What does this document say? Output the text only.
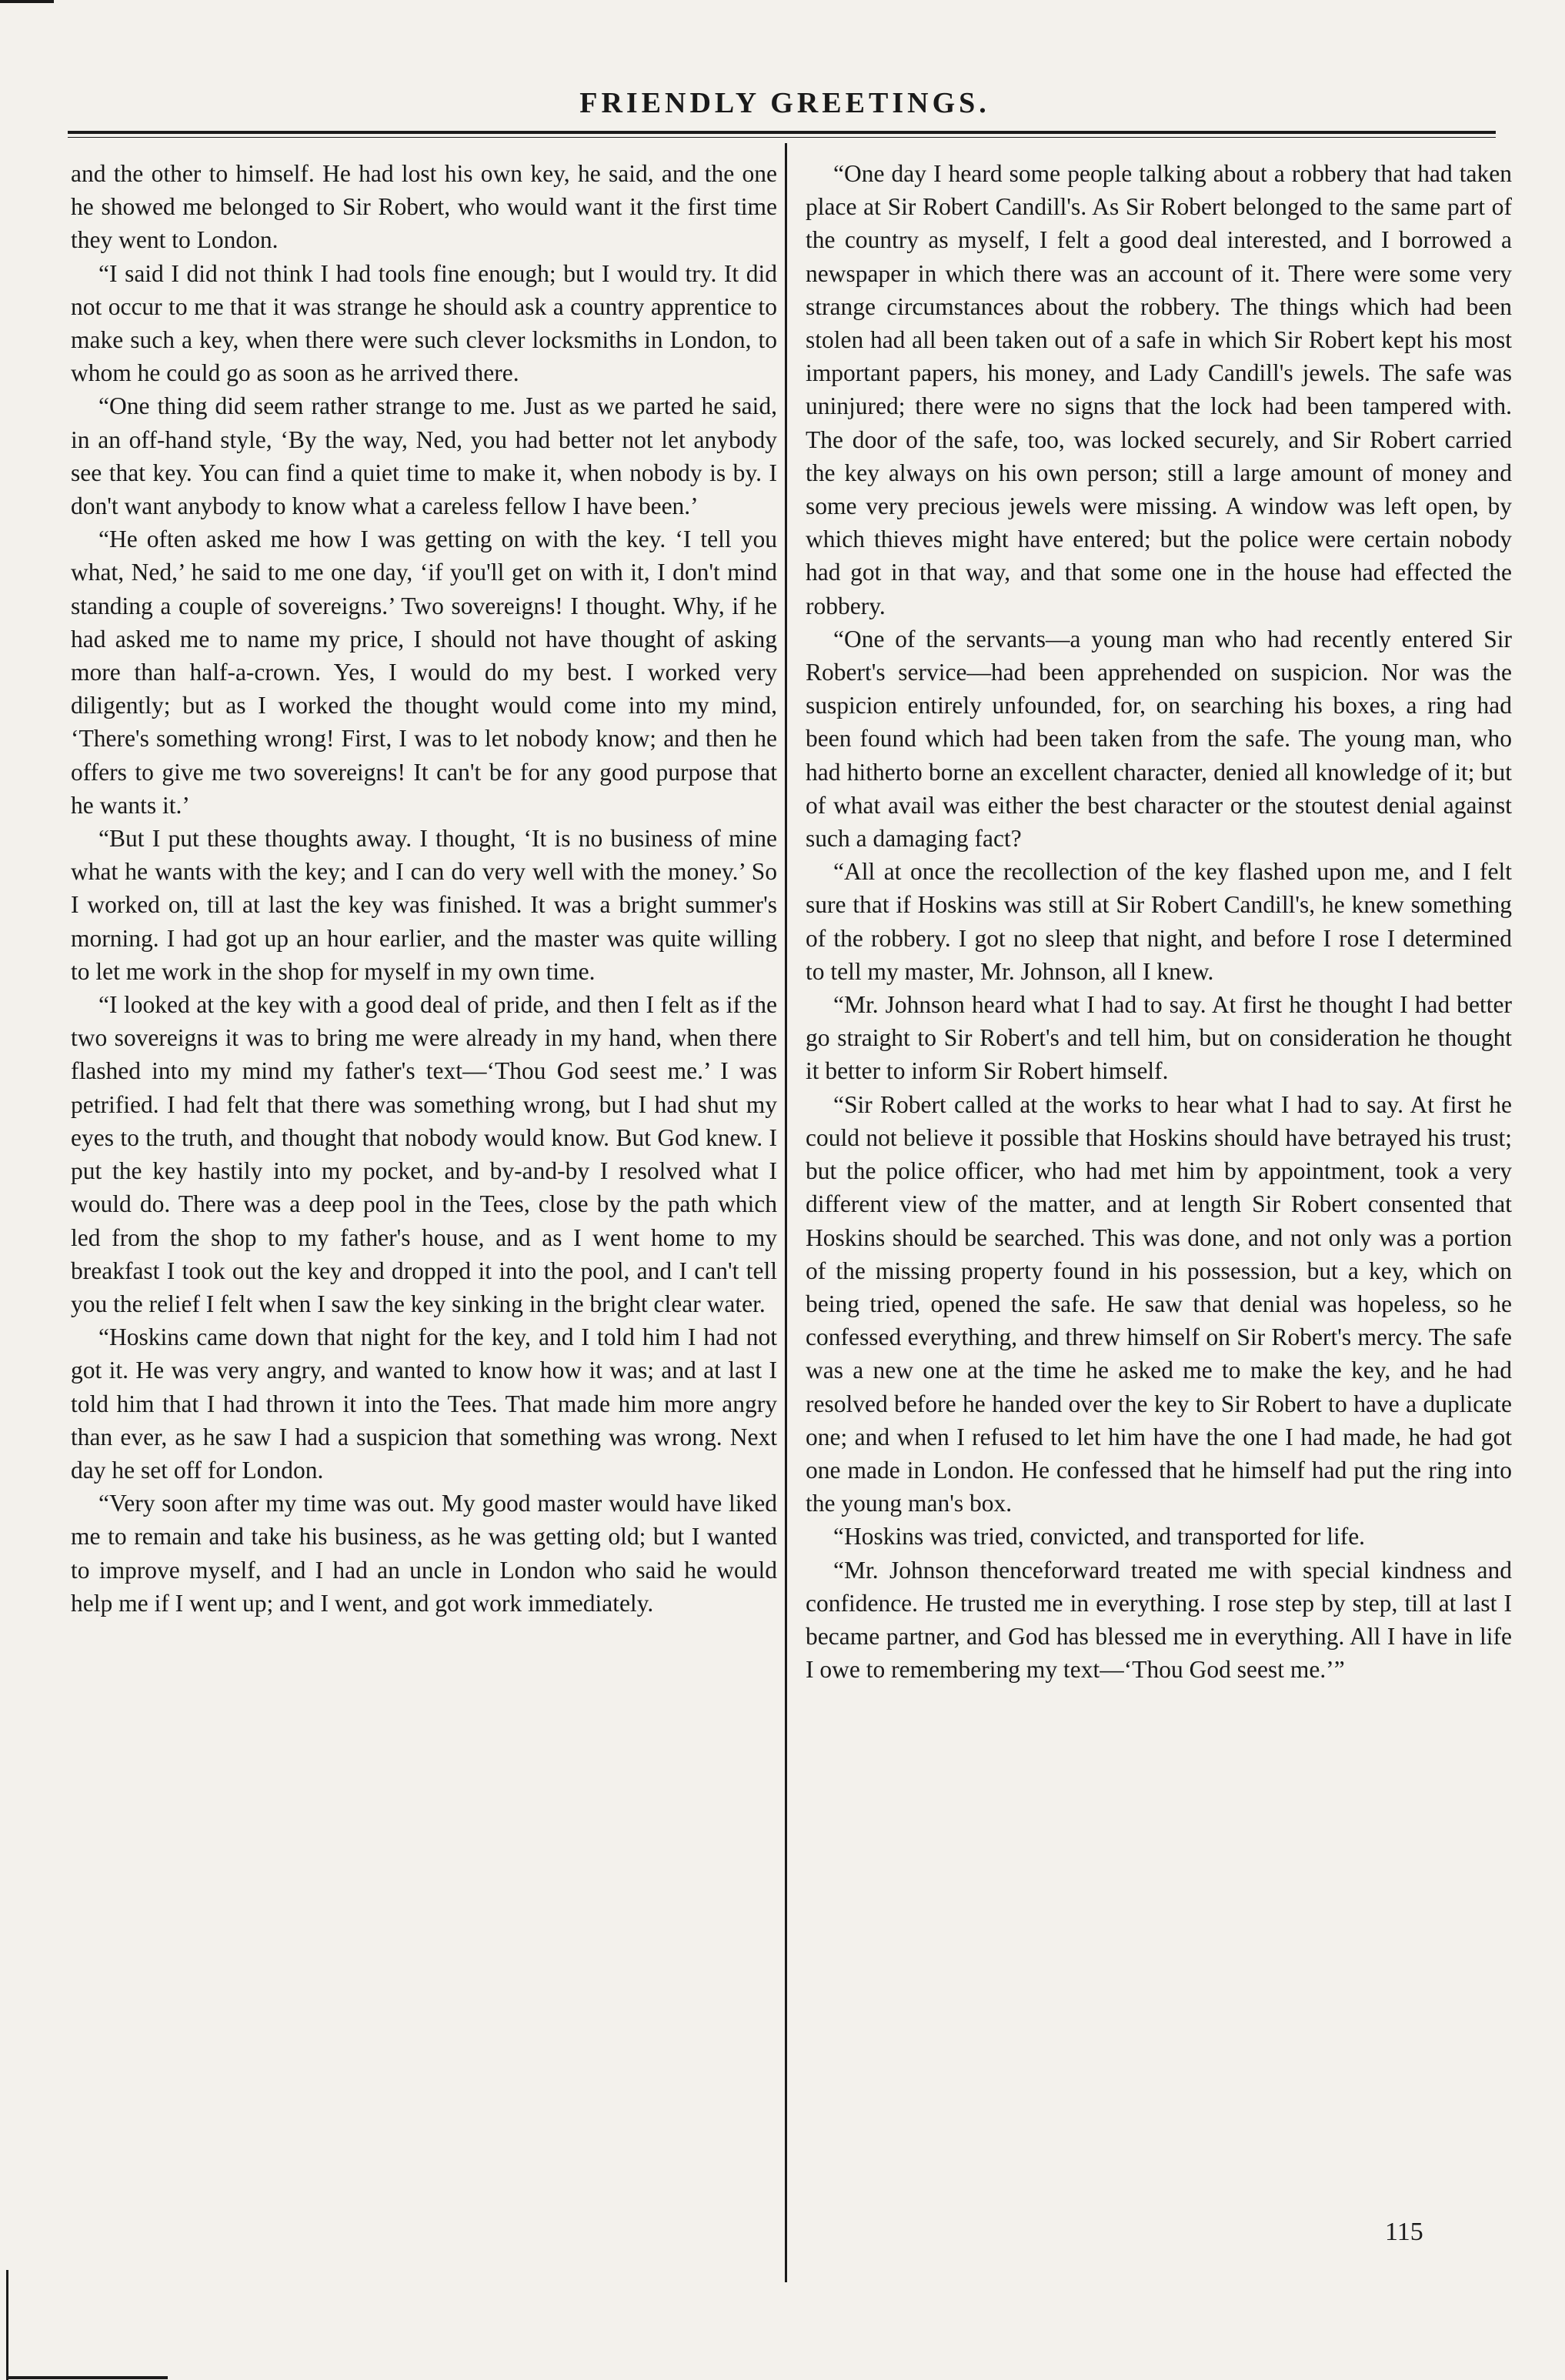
FRIENDLY GREETINGS.

and the other to himself. He had lost his own key, he said, and the one he showed me belonged to Sir Robert, who would want it the first time they went to London.

“I said I did not think I had tools fine enough; but I would try. It did not occur to me that it was strange he should ask a country apprentice to make such a key, when there were such clever locksmiths in London, to whom he could go as soon as he arrived there.

“One thing did seem rather strange to me. Just as we parted he said, in an off-hand style, ‘By the way, Ned, you had better not let anybody see that key. You can find a quiet time to make it, when nobody is by. I don't want anybody to know what a careless fellow I have been.’

“He often asked me how I was getting on with the key. ‘I tell you what, Ned,’ he said to me one day, ‘if you'll get on with it, I don't mind standing a couple of sovereigns.’ Two sovereigns! I thought. Why, if he had asked me to name my price, I should not have thought of asking more than half-a-crown. Yes, I would do my best. I worked very diligently; but as I worked the thought would come into my mind, ‘There's something wrong! First, I was to let nobody know; and then he offers to give me two sovereigns! It can't be for any good purpose that he wants it.’

“But I put these thoughts away. I thought, ‘It is no business of mine what he wants with the key; and I can do very well with the money.’ So I worked on, till at last the key was finished. It was a bright summer's morning. I had got up an hour earlier, and the master was quite willing to let me work in the shop for myself in my own time.

“I looked at the key with a good deal of pride, and then I felt as if the two sovereigns it was to bring me were already in my hand, when there flashed into my mind my father's text—‘Thou God seest me.’ I was petrified. I had felt that there was something wrong, but I had shut my eyes to the truth, and thought that nobody would know. But God knew. I put the key hastily into my pocket, and by-and-by I resolved what I would do. There was a deep pool in the Tees, close by the path which led from the shop to my father's house, and as I went home to my breakfast I took out the key and dropped it into the pool, and I can't tell you the relief I felt when I saw the key sinking in the bright clear water.

“Hoskins came down that night for the key, and I told him I had not got it. He was very angry, and wanted to know how it was; and at last I told him that I had thrown it into the Tees. That made him more angry than ever, as he saw I had a suspicion that something was wrong. Next day he set off for London.

“Very soon after my time was out. My good master would have liked me to remain and take his business, as he was getting old; but I wanted to improve myself, and I had an uncle in London who said he would help me if I went up; and I went, and got work immediately.

“One day I heard some people talking about a robbery that had taken place at Sir Robert Candill's. As Sir Robert belonged to the same part of the country as myself, I felt a good deal interested, and I borrowed a newspaper in which there was an account of it. There were some very strange circumstances about the robbery. The things which had been stolen had all been taken out of a safe in which Sir Robert kept his most important papers, his money, and Lady Candill's jewels. The safe was uninjured; there were no signs that the lock had been tampered with. The door of the safe, too, was locked securely, and Sir Robert carried the key always on his own person; still a large amount of money and some very precious jewels were missing. A window was left open, by which thieves might have entered; but the police were certain nobody had got in that way, and that some one in the house had effected the robbery.

“One of the servants—a young man who had recently entered Sir Robert's service—had been apprehended on suspicion. Nor was the suspicion entirely unfounded, for, on searching his boxes, a ring had been found which had been taken from the safe. The young man, who had hitherto borne an excellent character, denied all knowledge of it; but of what avail was either the best character or the stoutest denial against such a damaging fact?

“All at once the recollection of the key flashed upon me, and I felt sure that if Hoskins was still at Sir Robert Candill's, he knew something of the robbery. I got no sleep that night, and before I rose I determined to tell my master, Mr. Johnson, all I knew.

“Mr. Johnson heard what I had to say. At first he thought I had better go straight to Sir Robert's and tell him, but on consideration he thought it better to inform Sir Robert himself.

“Sir Robert called at the works to hear what I had to say. At first he could not believe it possible that Hoskins should have betrayed his trust; but the police officer, who had met him by appointment, took a very different view of the matter, and at length Sir Robert consented that Hoskins should be searched. This was done, and not only was a portion of the missing property found in his possession, but a key, which on being tried, opened the safe. He saw that denial was hopeless, so he confessed everything, and threw himself on Sir Robert's mercy. The safe was a new one at the time he asked me to make the key, and he had resolved before he handed over the key to Sir Robert to have a duplicate one; and when I refused to let him have the one I had made, he had got one made in London. He confessed that he himself had put the ring into the young man's box.

“Hoskins was tried, convicted, and transported for life.

“Mr. Johnson thenceforward treated me with special kindness and confidence. He trusted me in everything. I rose step by step, till at last I became partner, and God has blessed me in everything. All I have in life I owe to remembering my text—‘Thou God seest me.’”

115
